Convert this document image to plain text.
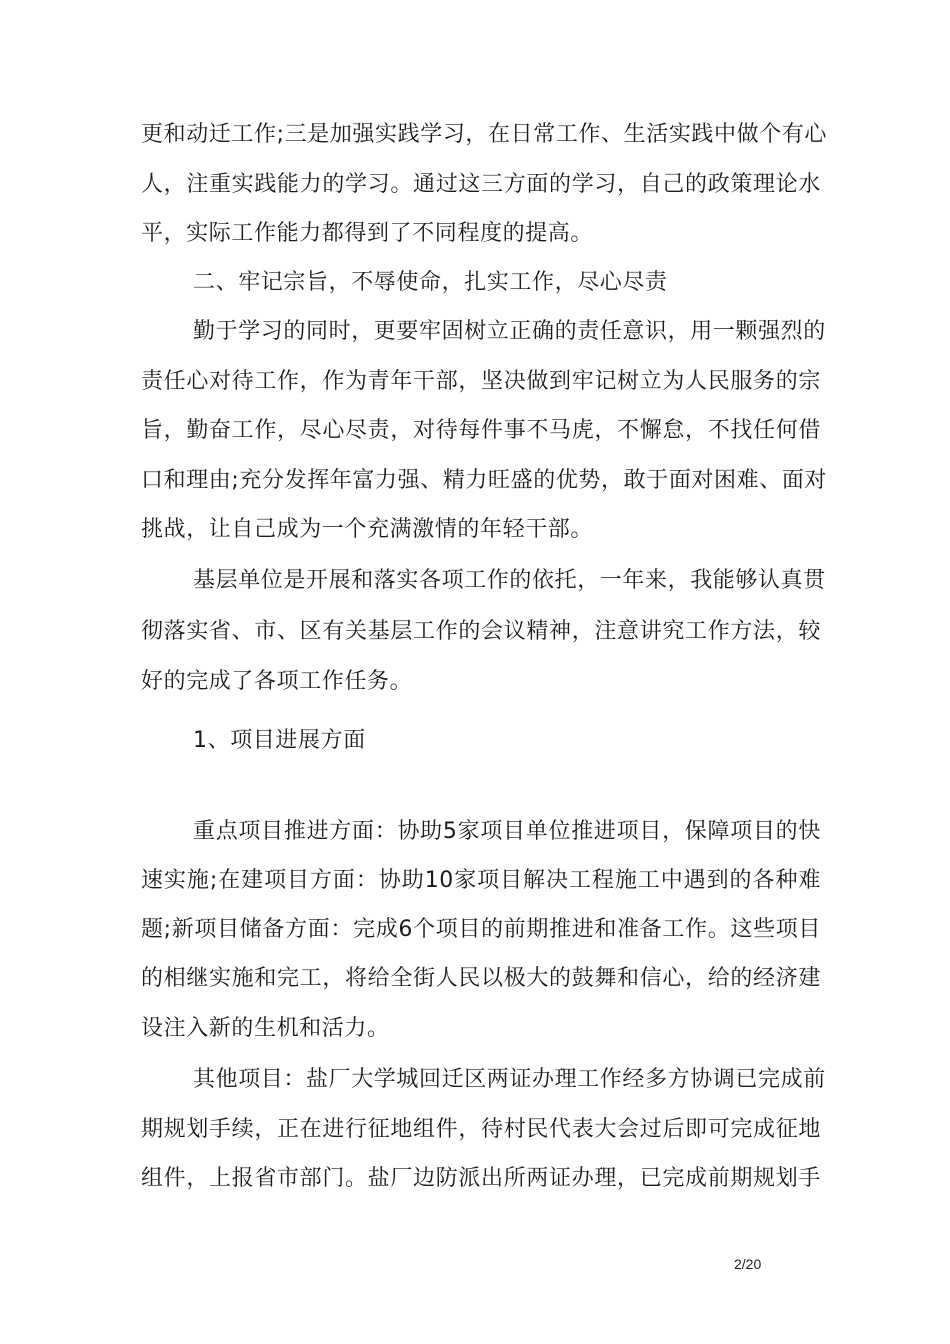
更和动迁工作;三是加强实践学习，在日常工作、生活实践中做个有心
人，注重实践能力的学习。通过这三方面的学习，自己的政策理论水
平，实际工作能力都得到了不同程度的提高。
二、牢记宗旨，不辱使命，扎实工作，尽心尽责
勤于学习的同时，更要牢固树立正确的责任意识，用一颗强烈的
责任心对待工作，作为青年干部，坚决做到牢记树立为人民服务的宗
旨，勤奋工作，尽心尽责，对待每件事不马虎，不懈怠，不找任何借
口和理由;充分发挥年富力强、精力旺盛的优势，敢于面对困难、面对
挑战，让自己成为一个充满激情的年轻干部。
基层单位是开展和落实各项工作的依托，一年来，我能够认真贯
彻落实省、市、区有关基层工作的会议精神，注意讲究工作方法，较
好的完成了各项工作任务。
1、项目进展方面
重点项目推进方面：协助5家项目单位推进项目，保障项目的快
速实施;在建项目方面：协助10家项目解决工程施工中遇到的各种难
题;新项目储备方面：完成6个项目的前期推进和准备工作。这些项目
的相继实施和完工，将给全街人民以极大的鼓舞和信心，给的经济建
设注入新的生机和活力。
其他项目：盐厂大学城回迁区两证办理工作经多方协调已完成前
期规划手续，正在进行征地组件，待村民代表大会过后即可完成征地
组件，上报省市部门。盐厂边防派出所两证办理，已完成前期规划手
2/20
